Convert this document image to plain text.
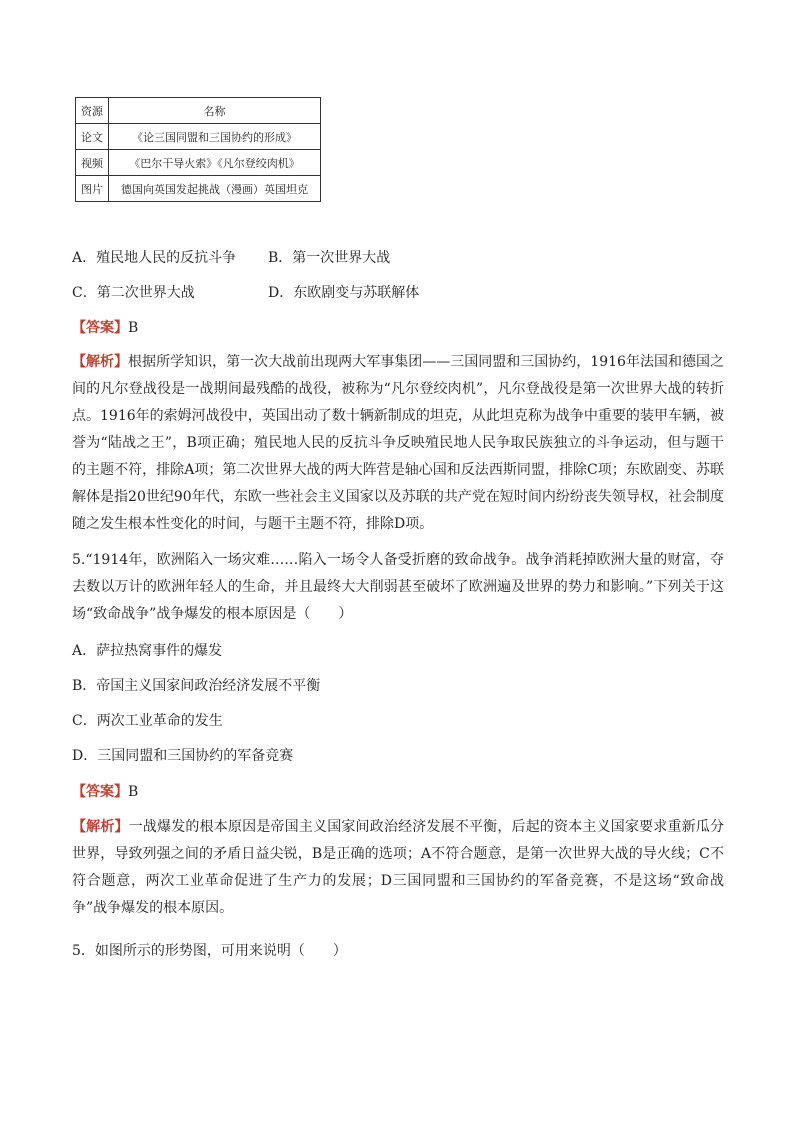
资源	名称
论文	《论三国同盟和三国协约的形成》
视频	《巴尔干导火索》《凡尔登绞肉机》
图片	德国向英国发起挑战（漫画）英国坦克
A．殖民地人民的反抗斗争 B．第一次世界大战
C．第二次世界大战	D．东欧剧变与苏联解体
【答案】B
【解析】根据所学知识，第一次大战前出现两大军事集团——三国同盟和三国协约，1916年法国和德国之间的凡尔登战役是一战期间最残酷的战役，被称为“凡尔登绞肉机”，凡尔登战役是第一次世界大战的转折点。1916年的索姆河战役中，英国出动了数十辆新制成的坦克，从此坦克称为战争中重要的装甲车辆，被誉为“陆战之王”，B项正确；殖民地人民的反抗斗争反映殖民地人民争取民族独立的斗争运动，但与题干的主题不符，排除A项；第二次世界大战的两大阵营是轴心国和反法西斯同盟，排除C项；东欧剧变、苏联解体是指20世纪90年代，东欧一些社会主义国家以及苏联的共产党在短时间内纷纷丧失领导权，社会制度随之发生根本性变化的时间，与题干主题不符，排除D项。
5.“1914年，欧洲陷入一场灾难……陷入一场令人备受折磨的致命战争。战争消耗掉欧洲大量的财富，夺去数以万计的欧洲年轻人的生命，并且最终大大削弱甚至破坏了欧洲遍及世界的势力和影响。”下列关于这场“致命战争”战争爆发的根本原因是（　　）
A．萨拉热窝事件的爆发
B．帝国主义国家间政治经济发展不平衡
C．两次工业革命的发生
D．三国同盟和三国协约的军备竞赛
【答案】B
【解析】一战爆发的根本原因是帝国主义国家间政治经济发展不平衡，后起的资本主义国家要求重新瓜分世界，导致列强之间的矛盾日益尖锐，B是正确的选项；A不符合题意，是第一次世界大战的导火线；C不符合题意，两次工业革命促进了生产力的发展；D三国同盟和三国协约的军备竞赛，不是这场“致命战争”战争爆发的根本原因。
5．如图所示的形势图，可用来说明（　　）
